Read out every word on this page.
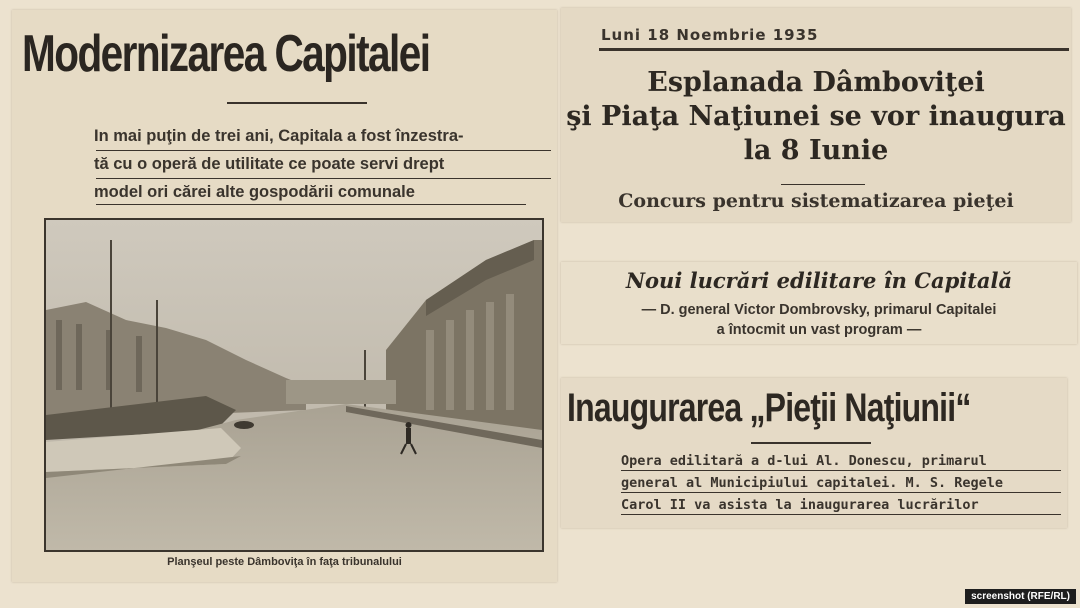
Modernizarea Capitalei
In mai puţin de trei ani, Capitala a fost înzestra-
tă cu o operă de utilitate ce poate servi drept
model ori cărei alte gospodării comunale
Planşeul peste Dâmboviţa în faţa tribunalului
Luni 18 Noembrie 1935
Esplanada Dâmboviţei
şi Piaţa Naţiunei se vor inaugura
la 8 Iunie
Concurs pentru sistematizarea pieţei
Noui lucrări edilitare în Capitală
— D. general Victor Dombrovsky, primarul Capitalei
a întocmit un vast program —
Inaugurarea „Pieţii Naţiunii“
Opera edilitară a d-lui Al. Donescu, primarul
general al Municipiului capitalei. M. S. Regele
Carol II va asista la inaugurarea lucrărilor
screenshot (RFE/RL)
